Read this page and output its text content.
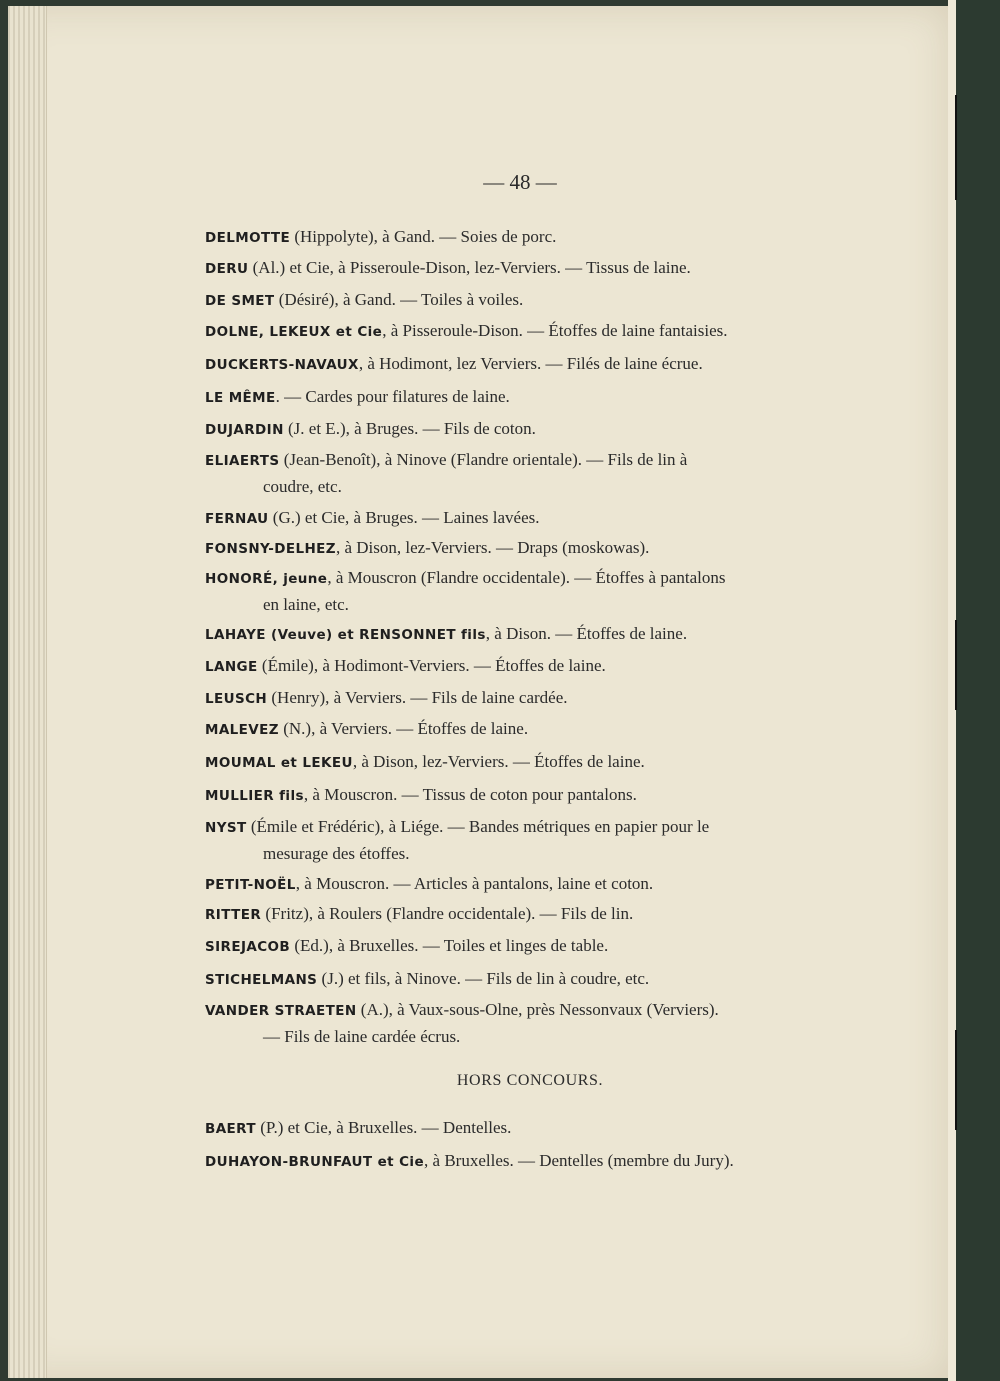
— 48 —
DELMOTTE (Hippolyte), à Gand. — Soies de porc.
DERU (Al.) et Cie, à Pisseroule-Dison, lez-Verviers. — Tissus de laine.
DE SMET (Désiré), à Gand. — Toiles à voiles.
DOLNE, LEKEUX et Cie, à Pisseroule-Dison. — Étoffes de laine fantaisies.
DUCKERTS-NAVAUX, à Hodimont, lez Verviers. — Filés de laine écrue.
LE MÊME. — Cardes pour filatures de laine.
DUJARDIN (J. et E.), à Bruges. — Fils de coton.
ELIAERTS (Jean-Benoît), à Ninove (Flandre orientale). — Fils de lin à
coudre, etc.
FERNAU (G.) et Cie, à Bruges. — Laines lavées.
FONSNY-DELHEZ, à Dison, lez-Verviers. — Draps (moskowas).
HONORÉ, jeune, à Mouscron (Flandre occidentale). — Étoffes à pantalons
en laine, etc.
LAHAYE (Veuve) et RENSONNET fils, à Dison. — Étoffes de laine.
LANGE (Émile), à Hodimont-Verviers. — Étoffes de laine.
LEUSCH (Henry), à Verviers. — Fils de laine cardée.
MALEVEZ (N.), à Verviers. — Étoffes de laine.
MOUMAL et LEKEU, à Dison, lez-Verviers. — Étoffes de laine.
MULLIER fils, à Mouscron. — Tissus de coton pour pantalons.
NYST (Émile et Frédéric), à Liége. — Bandes métriques en papier pour le
mesurage des étoffes.
PETIT-NOËL, à Mouscron. — Articles à pantalons, laine et coton.
RITTER (Fritz), à Roulers (Flandre occidentale). — Fils de lin.
SIREJACOB (Ed.), à Bruxelles. — Toiles et linges de table.
STICHELMANS (J.) et fils, à Ninove. — Fils de lin à coudre, etc.
VANDER STRAETEN (A.), à Vaux-sous-Olne, près Nessonvaux (Verviers).
— Fils de laine cardée écrus.
HORS CONCOURS.
BAERT (P.) et Cie, à Bruxelles. — Dentelles.
DUHAYON-BRUNFAUT et Cie, à Bruxelles. — Dentelles (membre du Jury).
